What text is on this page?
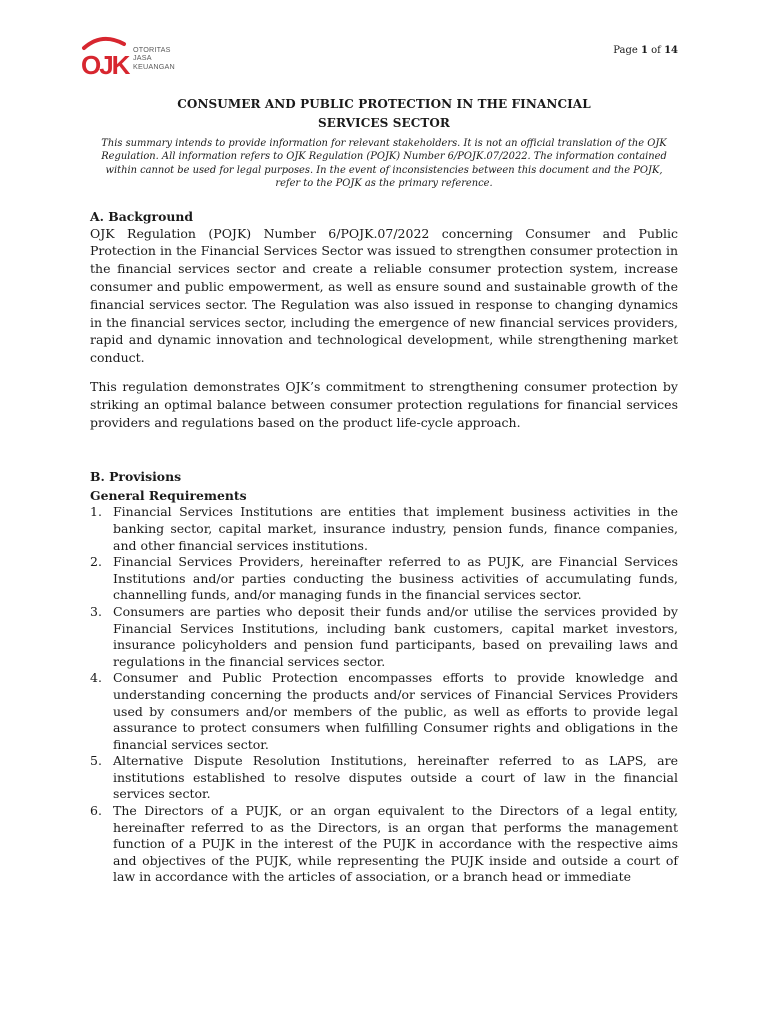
OJK
OTORITAS
JASA
KEUANGAN
Page 1 of 14
CONSUMER AND PUBLIC PROTECTION IN THE FINANCIAL
SERVICES SECTOR
This summary intends to provide information for relevant stakeholders. It is not an official translation of the OJK Regulation. All information refers to OJK Regulation (POJK) Number 6/POJK.07/2022. The information contained within cannot be used for legal purposes. In the event of inconsistencies between this document and the POJK, refer to the POJK as the primary reference.
A. Background

OJK Regulation (POJK) Number 6/POJK.07/2022 concerning Consumer and Public Protection in the Financial Services Sector was issued to strengthen consumer protection in the financial services sector and create a reliable consumer protection system, increase consumer and public empowerment, as well as ensure sound and sustainable growth of the financial services sector. The Regulation was also issued in response to changing dynamics in the financial services sector, including the emergence of new financial services providers, rapid and dynamic innovation and technological development, while strengthening market conduct.

This regulation demonstrates OJK’s commitment to strengthening consumer protection by striking an optimal balance between consumer protection regulations for financial services providers and regulations based on the product life-cycle approach.

B. Provisions
General Requirements
1. Financial Services Institutions are entities that implement business activities in the banking sector, capital market, insurance industry, pension funds, finance companies, and other financial services institutions.
2. Financial Services Providers, hereinafter referred to as PUJK, are Financial Services Institutions and/or parties conducting the business activities of accumulating funds, channelling funds, and/or managing funds in the financial services sector.
3. Consumers are parties who deposit their funds and/or utilise the services provided by Financial Services Institutions, including bank customers, capital market investors, insurance policyholders and pension fund participants, based on prevailing laws and regulations in the financial services sector.
4. Consumer and Public Protection encompasses efforts to provide knowledge and understanding concerning the products and/or services of Financial Services Providers used by consumers and/or members of the public, as well as efforts to provide legal assurance to protect consumers when fulfilling Consumer rights and obligations in the financial services sector.
5. Alternative Dispute Resolution Institutions, hereinafter referred to as LAPS, are institutions established to resolve disputes outside a court of law in the financial services sector.
6. The Directors of a PUJK, or an organ equivalent to the Directors of a legal entity, hereinafter referred to as the Directors, is an organ that performs the management function of a PUJK in the interest of the PUJK in accordance with the respective aims and objectives of the PUJK, while representing the PUJK inside and outside a court of law in accordance with the articles of association, or a branch head or immediate
